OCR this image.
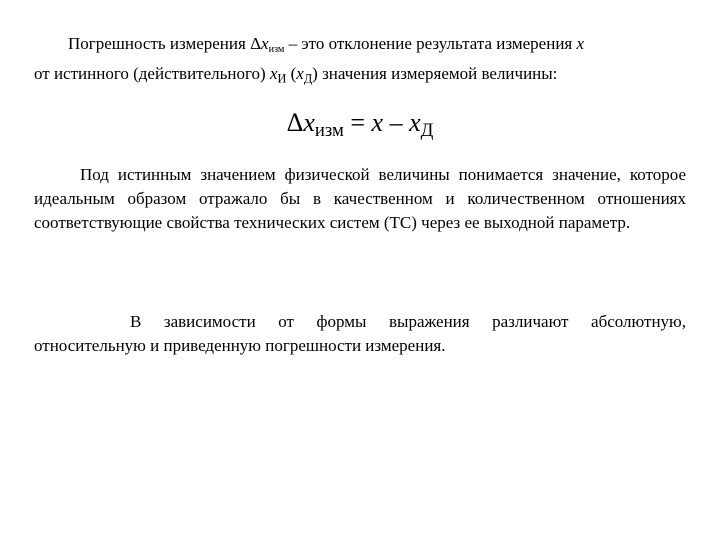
Погрешность измерения Δxизм – это отклонение результата измерения x
от истинного (действительного) $x_И$ $(x_Д)$ значения измеряемой величины:
$\Delta x_{изм} = x - x_Д$
Под истинным значением физической величины понимается значение, которое идеальным образом отражало бы в качественном и количественном отношениях соответствующие свойства технических систем (ТС) через ее выходной параметр.
В зависимости от формы выражения различают абсолютную, относительную и приведенную погрешности измерения.
